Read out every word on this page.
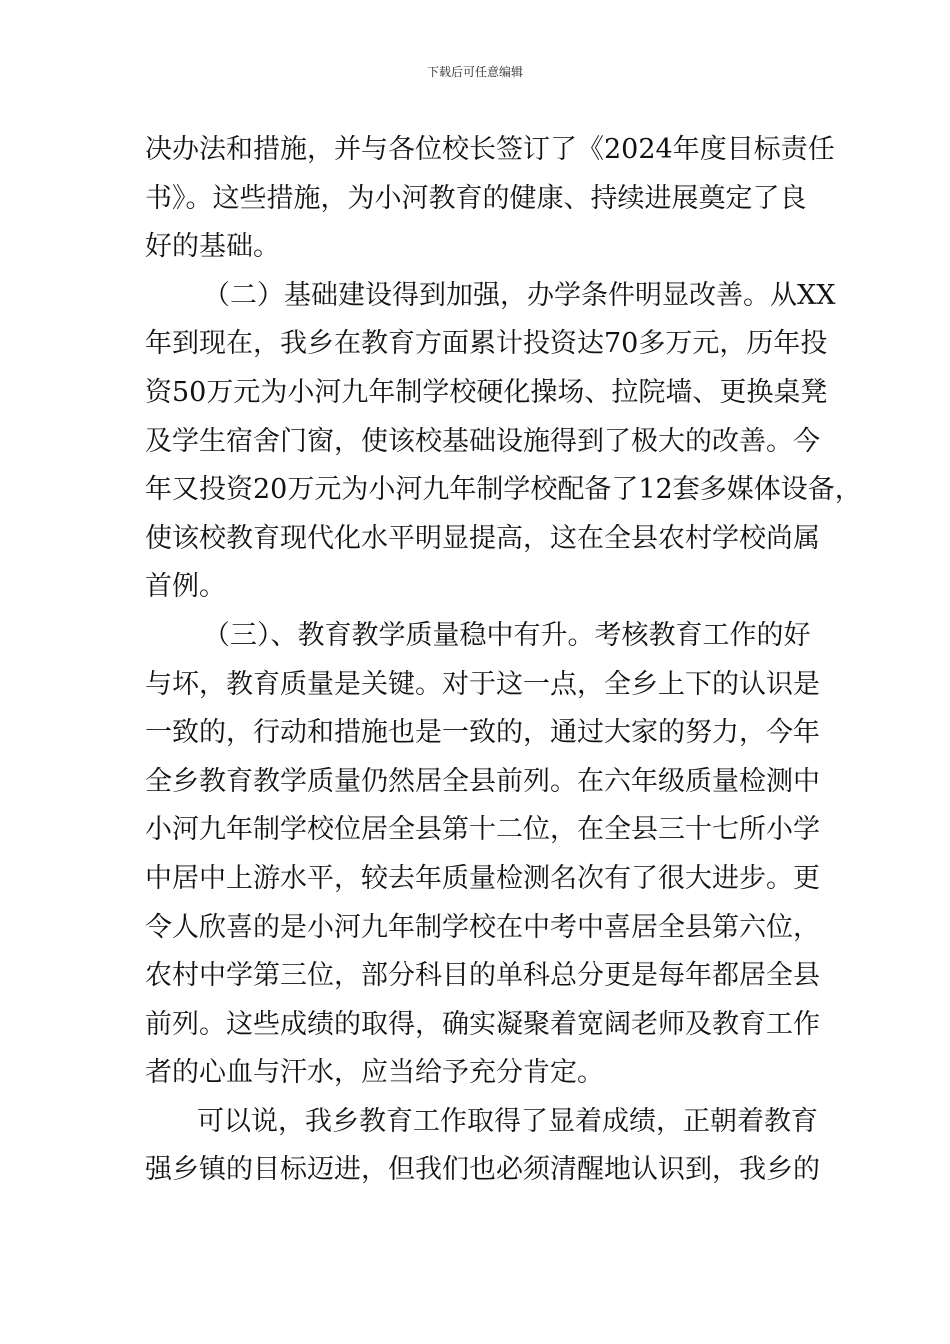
下载后可任意编辑
决办法和措施，并与各位校长签订了《2024年度目标责任
书》。这些措施，为小河教育的健康、持续进展奠定了良
好的基础。
（二）基础建设得到加强，办学条件明显改善。从XX
年到现在，我乡在教育方面累计投资达70多万元，历年投
资50万元为小河九年制学校硬化操场、拉院墙、更换桌凳
及学生宿舍门窗，使该校基础设施得到了极大的改善。今
年又投资20万元为小河九年制学校配备了12套多媒体设备，
使该校教育现代化水平明显提高，这在全县农村学校尚属
首例。
（三）、教育教学质量稳中有升。考核教育工作的好
与坏，教育质量是关键。对于这一点，全乡上下的认识是
一致的，行动和措施也是一致的，通过大家的努力，今年
全乡教育教学质量仍然居全县前列。在六年级质量检测中
小河九年制学校位居全县第十二位，在全县三十七所小学
中居中上游水平，较去年质量检测名次有了很大进步。更
令人欣喜的是小河九年制学校在中考中喜居全县第六位，
农村中学第三位，部分科目的单科总分更是每年都居全县
前列。这些成绩的取得，确实凝聚着宽阔老师及教育工作
者的心血与汗水，应当给予充分肯定。
可以说，我乡教育工作取得了显着成绩，正朝着教育
强乡镇的目标迈进，但我们也必须清醒地认识到，我乡的
